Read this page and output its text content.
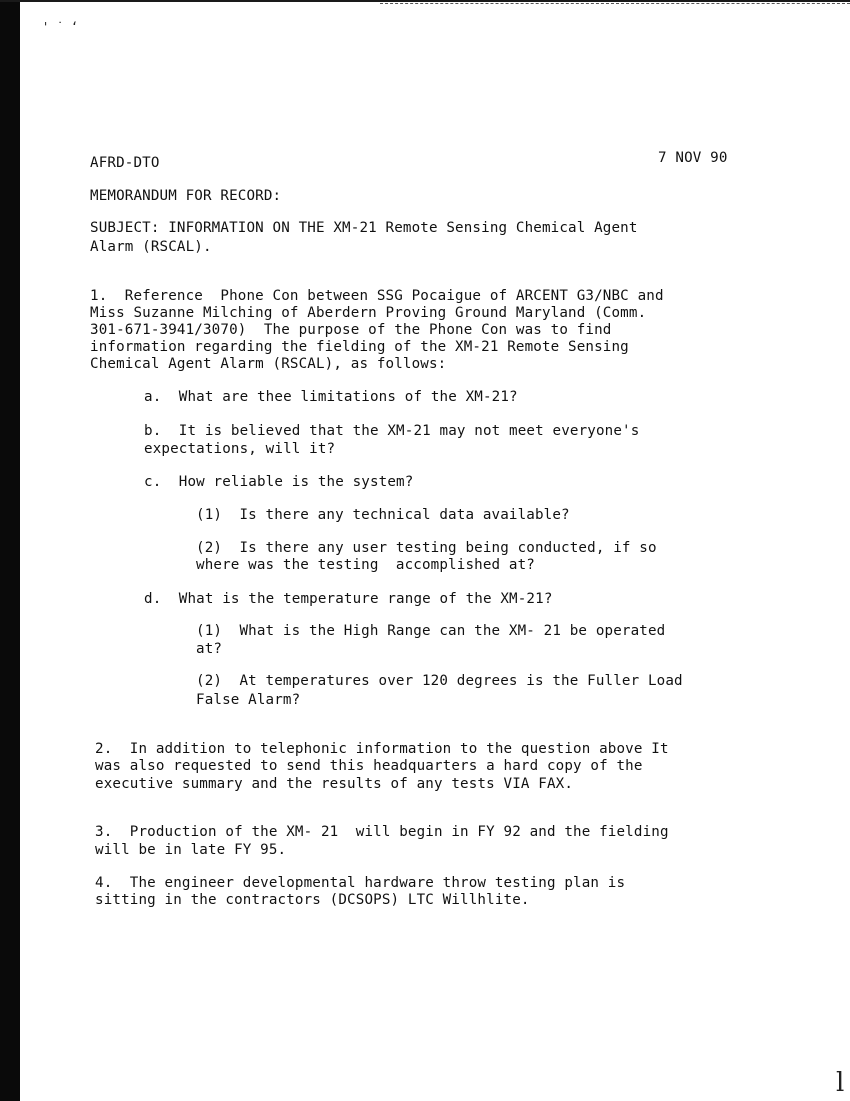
' ˙ ʻ
AFRD-DTO	7 NOV 90
MEMORANDUM FOR RECORD:
SUBJECT: INFORMATION ON THE XM-21 Remote Sensing Chemical Agent
Alarm (RSCAL).
1.  Reference  Phone Con between SSG Pocaigue of ARCENT G3/NBC and
Miss Suzanne Milching of Aberdern Proving Ground Maryland (Comm.
301-671-3941/3070)  The purpose of the Phone Con was to find
information regarding the fielding of the XM-21 Remote Sensing
Chemical Agent Alarm (RSCAL), as follows:
a.  What are thee limitations of the XM-21?
b.  It is believed that the XM-21 may not meet everyone's
expectations, will it?
c.  How reliable is the system?
(1)  Is there any technical data available?
(2)  Is there any user testing being conducted, if so
where was the testing  accomplished at?
d.  What is the temperature range of the XM-21?
(1)  What is the High Range can the XM- 21 be operated
at?
(2)  At temperatures over 120 degrees is the Fuller Load
False Alarm?
2.  In addition to telephonic information to the question above It
was also requested to send this headquarters a hard copy of the
executive summary and the results of any tests VIA FAX.
3.  Production of the XM- 21  will begin in FY 92 and the fielding
will be in late FY 95.
4.  The engineer developmental hardware throw testing plan is
sitting in the contractors (DCSOPS) LTC Willhlite.
l
